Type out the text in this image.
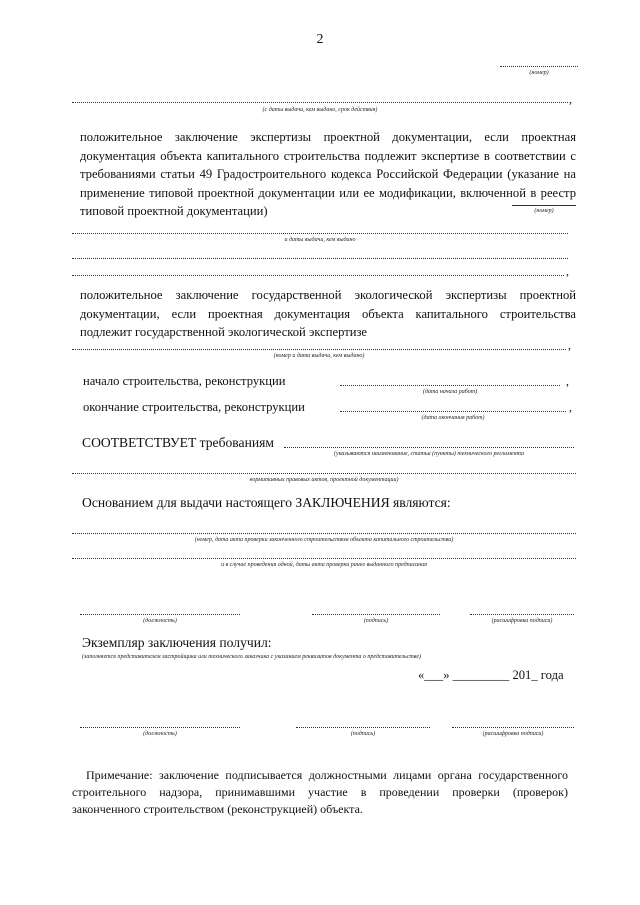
2
(номер)
,
(с даты выдачи, кем выдано, срок действия)
положительное заключение экспертизы проектной документации, если проектная документация объекта капитального строительства подлежит экспертизе в соответствии с требованиями статьи 49 Градостроительного кодекса Российской Федерации (указание на применение типовой проектной документации или ее модификации, включенной в реестр типовой проектной документации)	(номер)
и даты выдачи, кем выдано
,
положительное заключение государственной экологической экспертизы проектной документации, если проектная документация объекта капитального строительства подлежит государственной экологической экспертизе
,
(номер и дата выдачи, кем выдано)
начало строительства, реконструкции	,
(дата начала работ)
окончание строительства, реконструкции	,
(дата окончания работ)
СООТВЕТСТВУЕТ требованиям
(указываются наименование, статьи (пункты) технического регламента
нормативных правовых актов, проектной документации)
Основанием для выдачи настоящего ЗАКЛЮЧЕНИЯ являются:
(номер, дата акта проверки законченного строительством объекта капитального строительства)
и в случае проведения одной, даты акта проверки ранее выданного предписания
(должность)	(подпись)	(расшифровка подписи)
Экземпляр заключения получил:
(заполняется представителем застройщика или технического заказчика с указанием реквизитов документа о представительстве)
«___» _________ 201_ года
(должность)	(подпись)	(расшифровка подписи)
Примечание: заключение подписывается должностными лицами органа государственного строительного надзора, принимавшими участие в проведении проверки (проверок) законченного строительством (реконструкцией) объекта.
